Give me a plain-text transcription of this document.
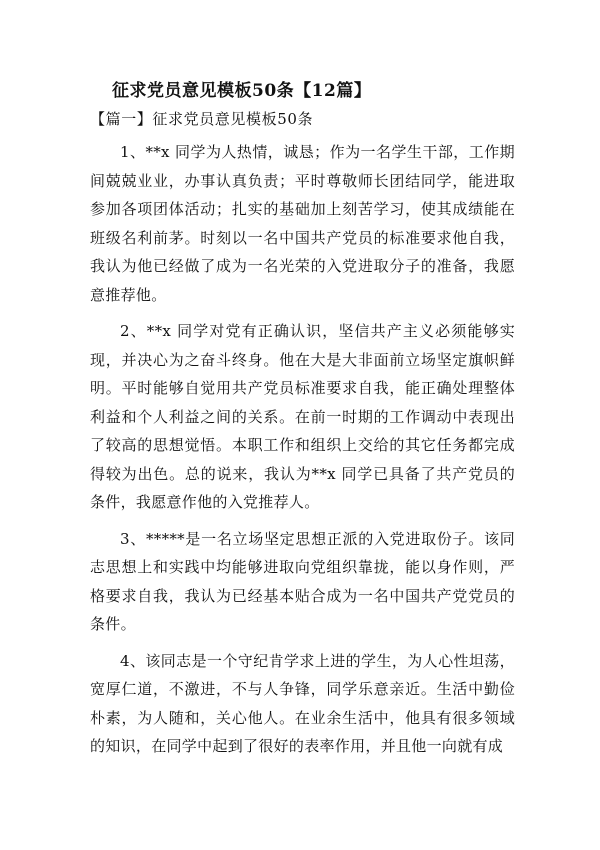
征求党员意见模板50条【12篇】
【篇一】征求党员意见模板50条

1、**x 同学为人热情，诚恳；作为一名学生干部，工作期间兢兢业业，办事认真负责；平时尊敬师长团结同学，能进取参加各项团体活动；扎实的基础加上刻苦学习，使其成绩能在班级名利前茅。时刻以一名中国共产党员的标准要求他自我，我认为他已经做了成为一名光荣的入党进取分子的准备，我愿意推荐他。

2、**x 同学对党有正确认识，坚信共产主义必须能够实现，并决心为之奋斗终身。他在大是大非面前立场坚定旗帜鲜明。平时能够自觉用共产党员标准要求自我，能正确处理整体利益和个人利益之间的关系。在前一时期的工作调动中表现出了较高的思想觉悟。本职工作和组织上交给的其它任务都完成得较为出色。总的说来，我认为**x 同学已具备了共产党员的条件，我愿意作他的入党推荐人。

3、*****是一名立场坚定思想正派的入党进取份子。该同志思想上和实践中均能够进取向党组织靠拢，能以身作则，严格要求自我，我认为已经基本贴合成为一名中国共产党党员的条件。

4、该同志是一个守纪肯学求上进的学生，为人心性坦荡，宽厚仁道，不激进，不与人争锋，同学乐意亲近。生活中勤俭朴素，为人随和，关心他人。在业余生活中，他具有很多领域的知识，在同学中起到了很好的表率作用，并且他一向就有成
